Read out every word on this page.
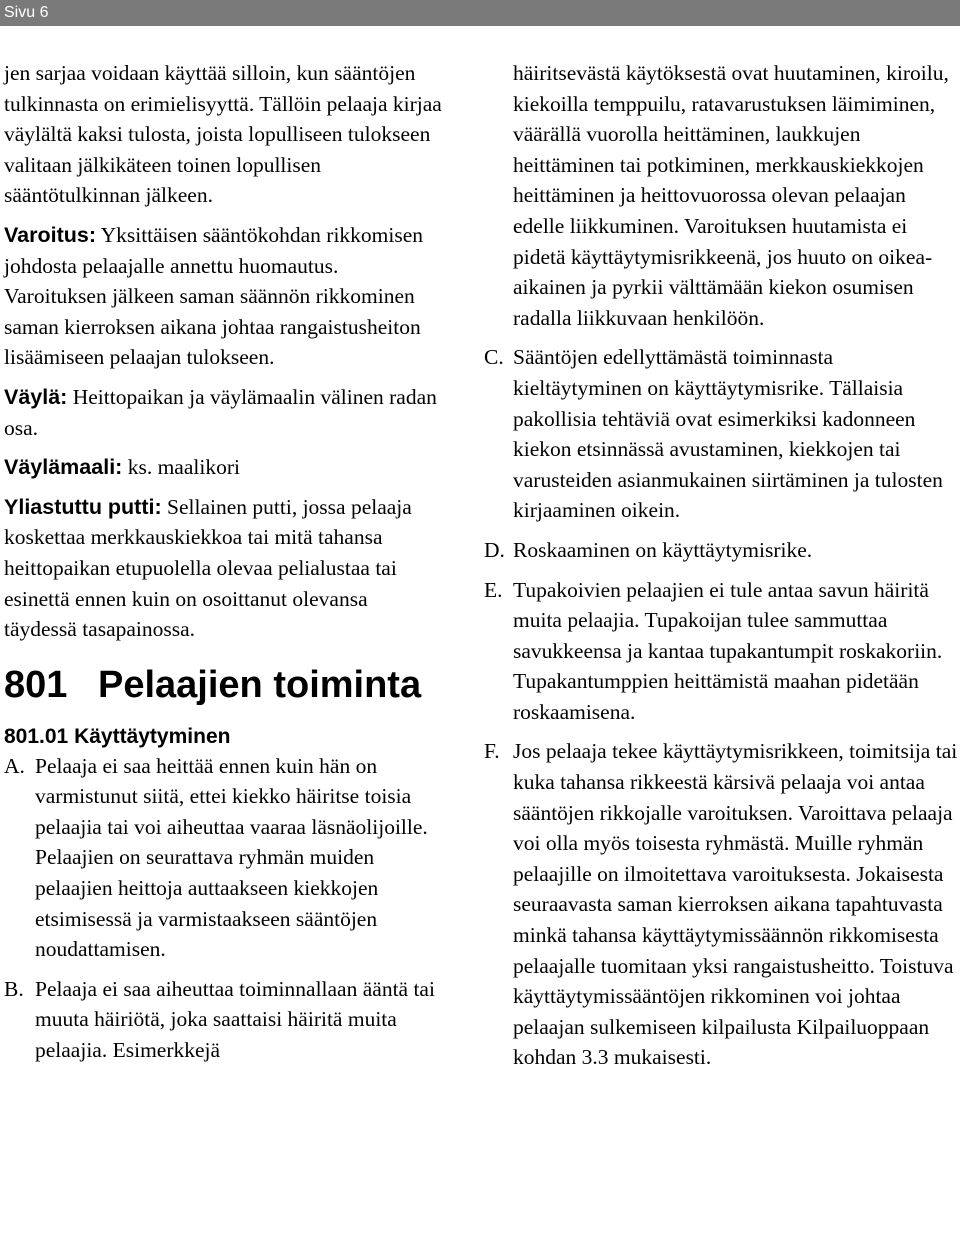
Sivu 6

jen sarjaa voidaan käyttää silloin, kun sääntöjen tulkinnasta on erimielisyyttä. Tällöin pelaaja kirjaa väylältä kaksi tulosta, joista lopulliseen tulokseen valitaan jälkikäteen toinen lopullisen sääntötulkinnan jälkeen.

Varoitus: Yksittäisen sääntökohdan rikkomisen johdosta pelaajalle annettu huomautus. Varoituksen jälkeen saman säännön rikkominen saman kierroksen aikana johtaa rangaistusheiton lisäämiseen pelaajan tulokseen.

Väylä: Heittopaikan ja väylämaalin välinen radan osa.

Väylämaali: ks. maalikori

Yliastuttu putti: Sellainen putti, jossa pelaaja koskettaa merkkauskiekkoa tai mitä tahansa heittopaikan etupuolella olevaa pelialustaa tai esinettä ennen kuin on osoittanut olevansa täydessä tasapainossa.

801 Pelaajien toiminta
801.01 Käyttäytyminen
A. Pelaaja ei saa heittää ennen kuin hän on varmistunut siitä, ettei kiekko häiritse toisia pelaajia tai voi aiheuttaa vaaraa läsnäolijoille. Pelaajien on seurattava ryhmän muiden pelaajien heittoja auttaakseen kiekkojen etsimisessä ja varmistaakseen sääntöjen noudattamisen.
B. Pelaaja ei saa aiheuttaa toiminnallaan ääntä tai muuta häiriötä, joka saattaisi häiritä muita pelaajia. Esimerkkejä
häiritsevästä käytöksestä ovat huutaminen, kiroilu, kiekoilla temppuilu, ratavarustuksen läimiminen, väärällä vuorolla heittäminen, laukkujen heittäminen tai potkiminen, merkkauskiekkojen heittäminen ja heittovuorossa olevan pelaajan edelle liikkuminen. Varoituksen huutamista ei pidetä käyttäytymisrikkeenä, jos huuto on oikea-aikainen ja pyrkii välttämään kiekon osumisen radalla liikkuvaan henkilöön.
C. Sääntöjen edellyttämästä toiminnasta kieltäytyminen on käyttäytymisrike. Tällaisia pakollisia tehtäviä ovat esimerkiksi kadonneen kiekon etsinnässä avustaminen, kiekkojen tai varusteiden asianmukainen siirtäminen ja tulosten kirjaaminen oikein.
D. Roskaaminen on käyttäytymisrike.
E. Tupakoivien pelaajien ei tule antaa savun häiritä muita pelaajia. Tupakoijan tulee sammuttaa savukkeensa ja kantaa tupakantumpit roskakoriin. Tupakantumppien heittämistä maahan pidetään roskaamisena.
F. Jos pelaaja tekee käyttäytymisrikkeen, toimitsija tai kuka tahansa rikkeestä kärsivä pelaaja voi antaa sääntöjen rikkojalle varoituksen. Varoittava pelaaja voi olla myös toisesta ryhmästä. Muille ryhmän pelaajille on ilmoitettava varoituksesta. Jokaisesta seuraavasta saman kierroksen aikana tapahtuvasta minkä tahansa käyttäytymissäännön rikkomisesta pelaajalle tuomitaan yksi rangaistusheitto. Toistuva käyttäytymissääntöjen rikkominen voi johtaa pelaajan sulkemiseen kilpailusta Kilpailuoppaan kohdan 3.3 mukaisesti.
